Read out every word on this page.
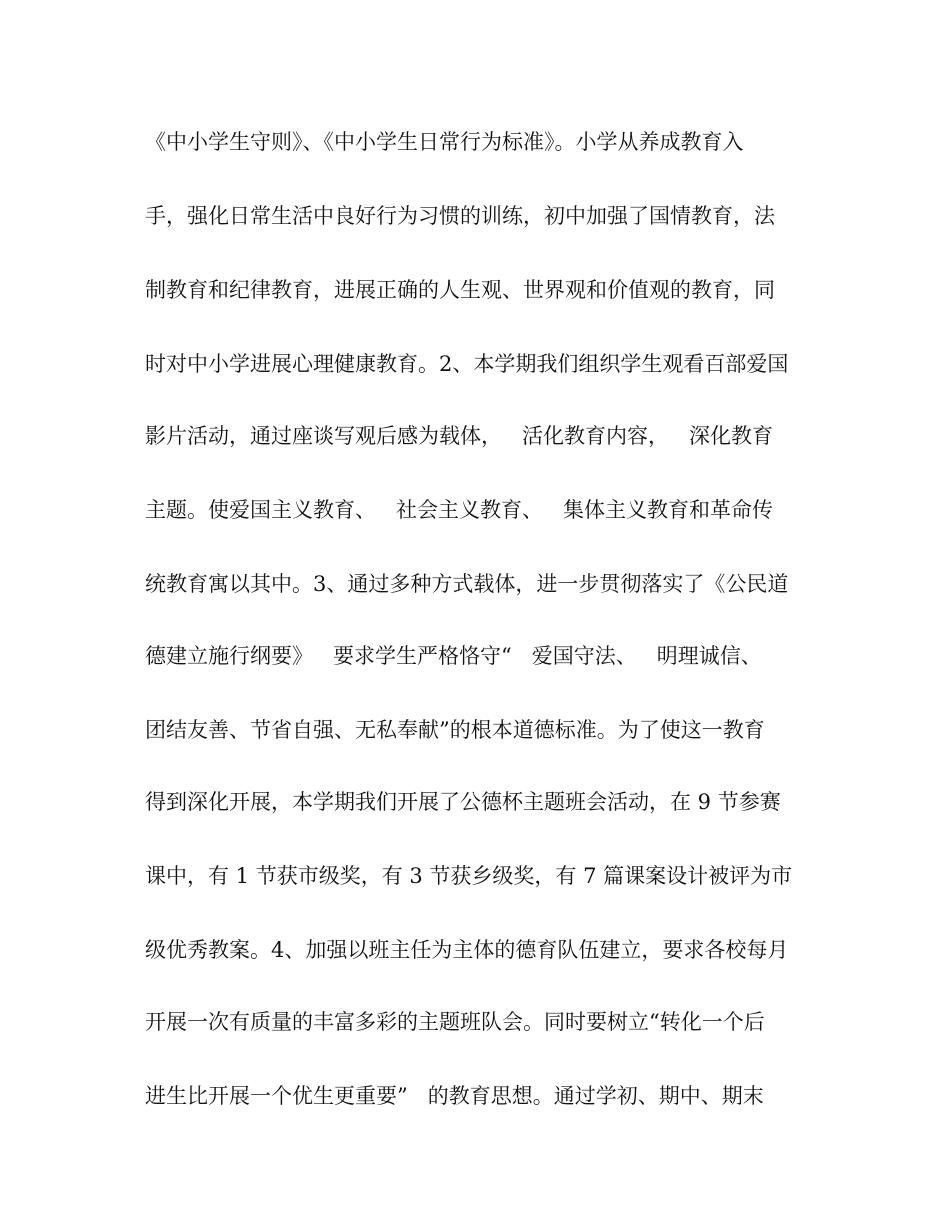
《中小学生守则》、《中小学生日常行为标准》。小学从养成教育入
手，强化日常生活中良好行为习惯的训练，初中加强了国情教育，法
制教育和纪律教育，进展正确的人生观、世界观和价值观的教育，同
时对中小学进展心理健康教育。2、本学期我们组织学生观看百部爱国
影片活动，通过座谈写观后感为载体，   活化教育内容，   深化教育
主题。使爱国主义教育、   社会主义教育、   集体主义教育和革命传
统教育寓以其中。3、通过多种方式载体，进一步贯彻落实了《公民道
德建立施行纲要》   要求学生严格恪守“   爱国守法、   明理诚信、
团结友善、节省自强、无私奉献”的根本道德标准。为了使这一教育
得到深化开展，本学期我们开展了公德杯主题班会活动，在 9 节参赛
课中，有 1 节获市级奖，有 3 节获乡级奖，有 7 篇课案设计被评为市
级优秀教案。4、加强以班主任为主体的德育队伍建立，要求各校每月
开展一次有质量的丰富多彩的主题班队会。同时要树立“转化一个后
进生比开展一个优生更重要”   的教育思想。通过学初、期中、期末
